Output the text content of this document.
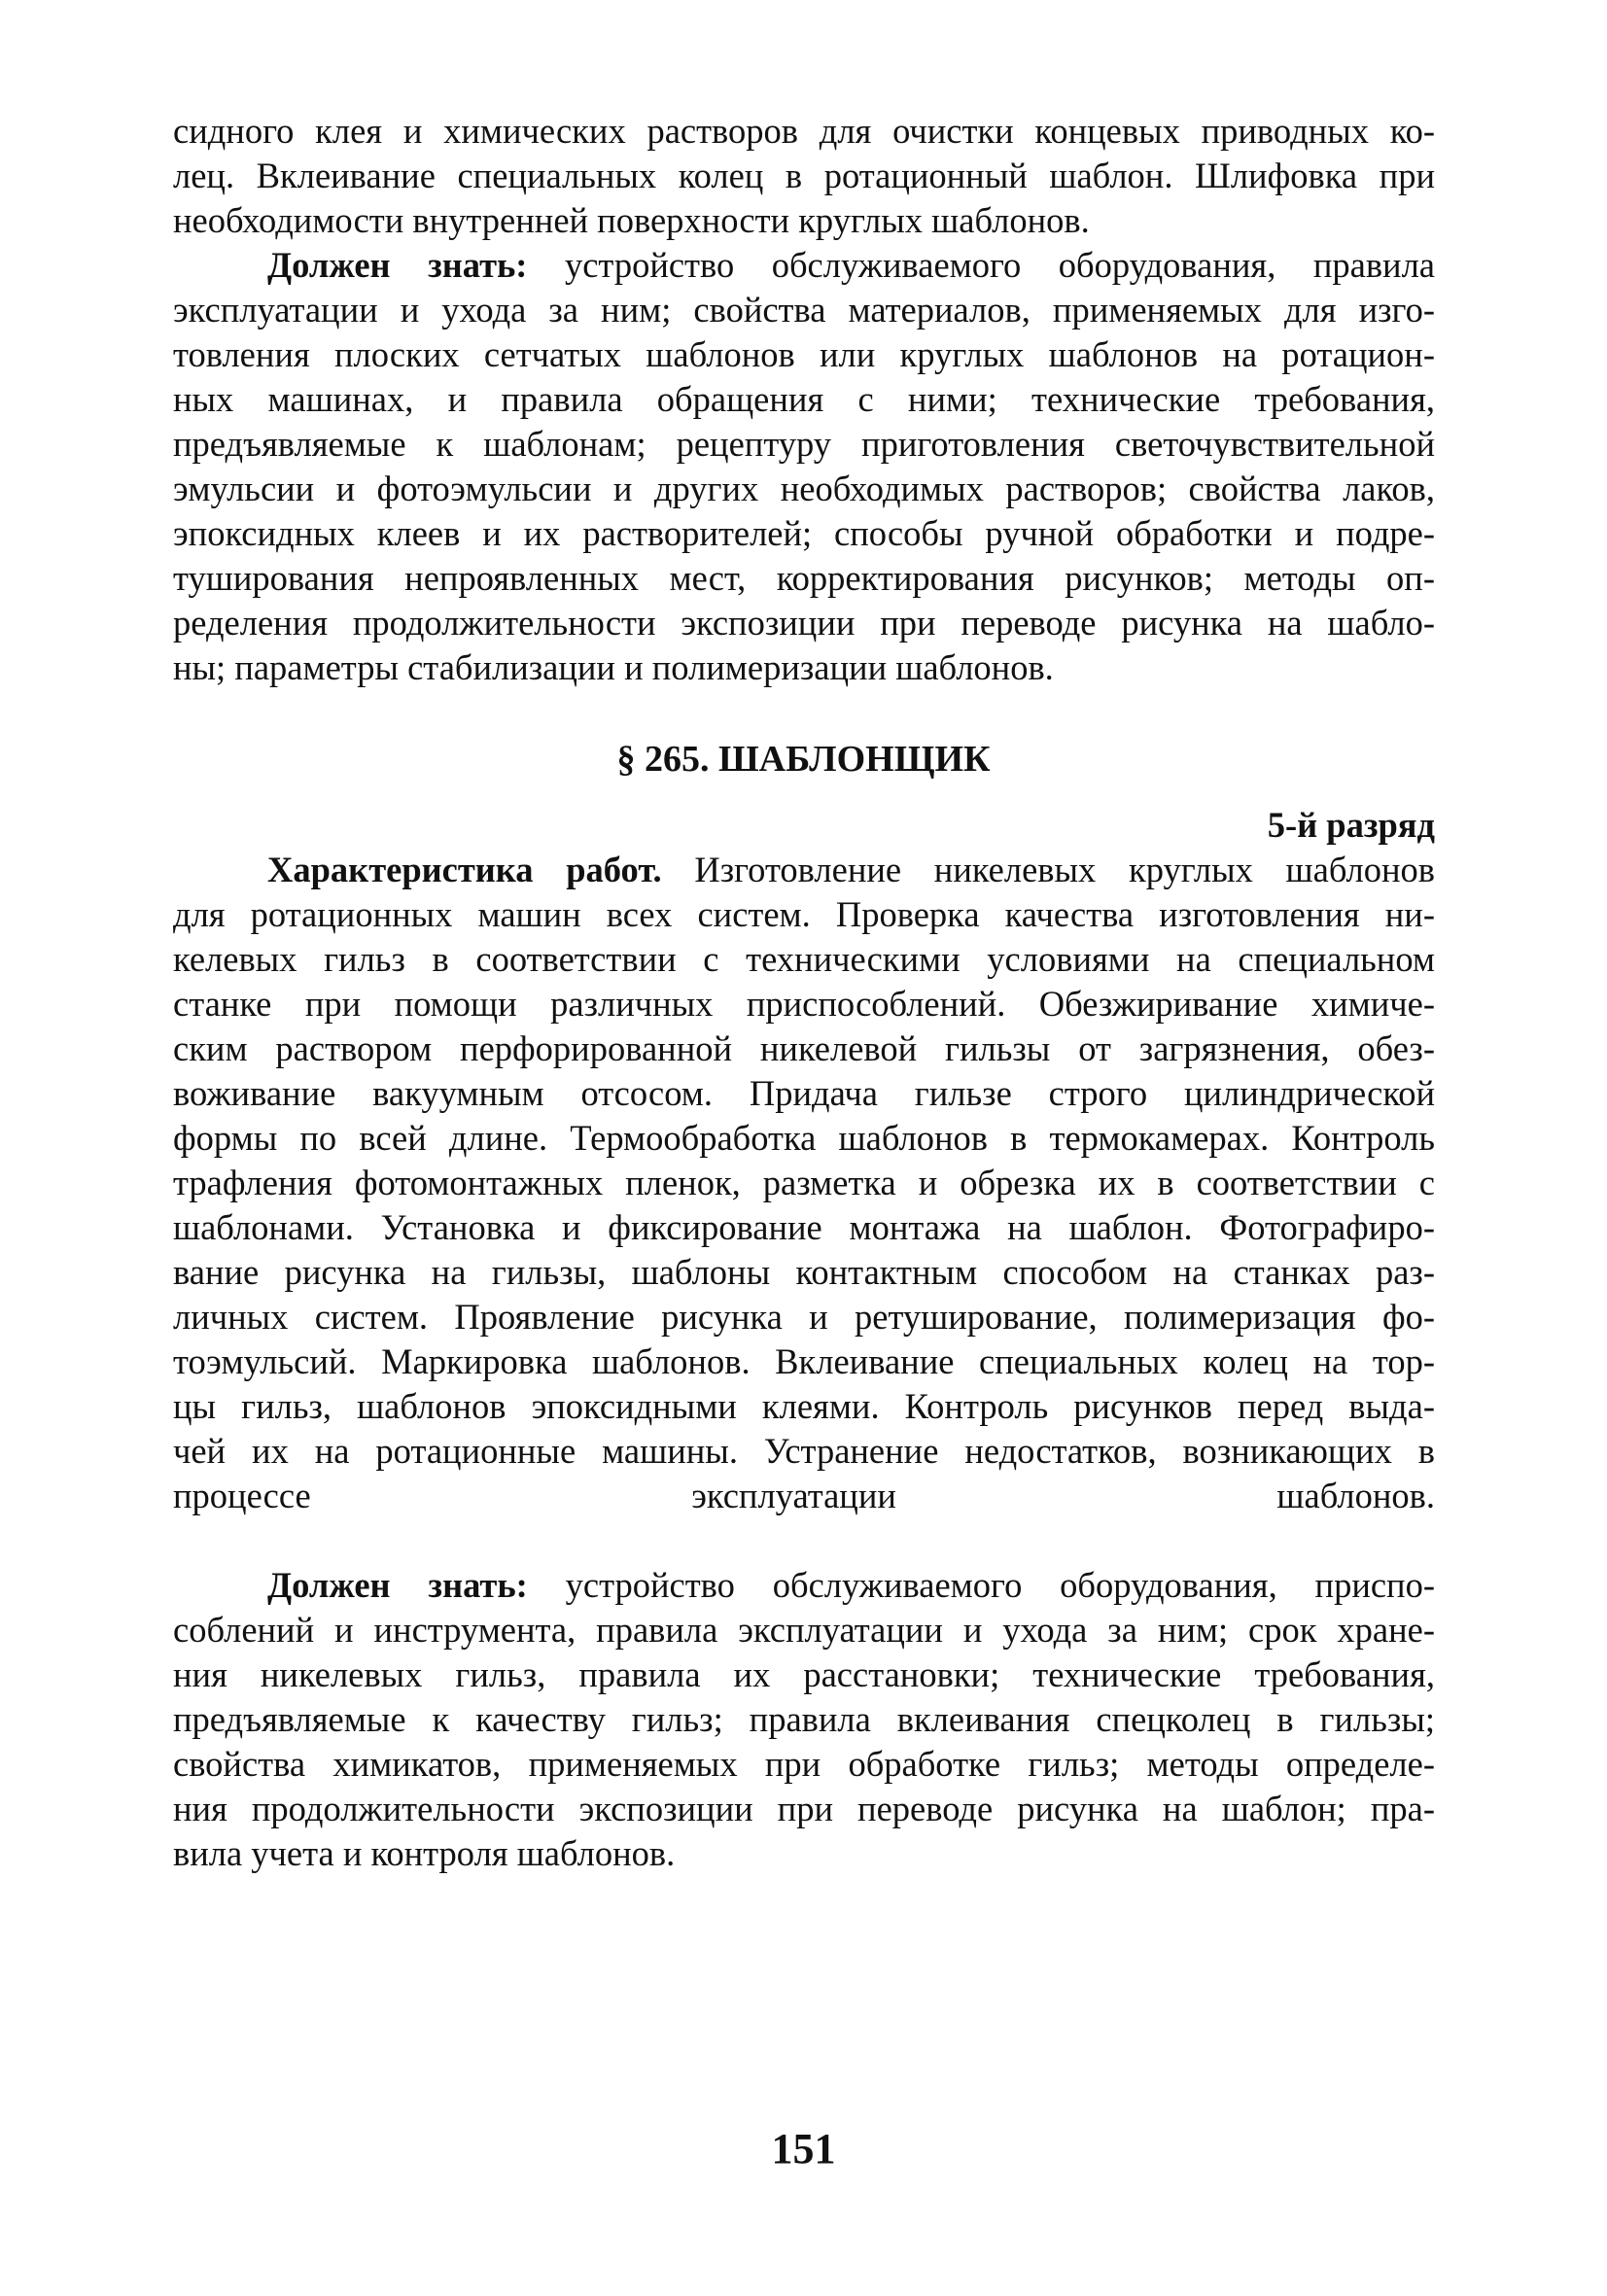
сидного клея и химических растворов для очистки концевых приводных ко-
лец. Вклеивание специальных колец в ротационный шаблон. Шлифовка при
необходимости внутренней поверхности круглых шаблонов.
Должен знать: устройство обслуживаемого оборудования, правила
эксплуатации и ухода за ним; свойства материалов, применяемых для изго-
товления плоских сетчатых шаблонов или круглых шаблонов на ротацион-
ных машинах, и правила обращения с ними; технические требования,
предъявляемые к шаблонам; рецептуру приготовления светочувствительной
эмульсии и фотоэмульсии и других необходимых растворов; свойства лаков,
эпоксидных клеев и их растворителей; способы ручной обработки и подре-
туширования непроявленных мест, корректирования рисунков; методы оп-
ределения продолжительности экспозиции при переводе рисунка на шабло-
ны; параметры стабилизации и полимеризации шаблонов.
§ 265. ШАБЛОНЩИК
5-й разряд
Характеристика работ. Изготовление никелевых круглых шаблонов
для ротационных машин всех систем. Проверка качества изготовления ни-
келевых гильз в соответствии с техническими условиями на специальном
станке при помощи различных приспособлений. Обезжиривание химиче-
ским раствором перфорированной никелевой гильзы от загрязнения, обез-
воживание вакуумным отсосом. Придача гильзе строго цилиндрической
формы по всей длине. Термообработка шаблонов в термокамерах. Контроль
трафления фотомонтажных пленок, разметка и обрезка их в соответствии с
шаблонами. Установка и фиксирование монтажа на шаблон. Фотографиро-
вание рисунка на гильзы, шаблоны контактным способом на станках раз-
личных систем. Проявление рисунка и ретуширование, полимеризация фо-
тоэмульсий. Маркировка шаблонов. Вклеивание специальных колец на тор-
цы гильз, шаблонов эпоксидными клеями. Контроль рисунков перед выда-
чей их на ротационные машины. Устранение недостатков, возникающих в
процессе эксплуатации шаблонов.
Должен знать: устройство обслуживаемого оборудования, приспо-
соблений и инструмента, правила эксплуатации и ухода за ним; срок хране-
ния никелевых гильз, правила их расстановки; технические требования,
предъявляемые к качеству гильз; правила вклеивания спецколец в гильзы;
свойства химикатов, применяемых при обработке гильз; методы определе-
ния продолжительности экспозиции при переводе рисунка на шаблон; пра-
вила учета и контроля шаблонов.
151
